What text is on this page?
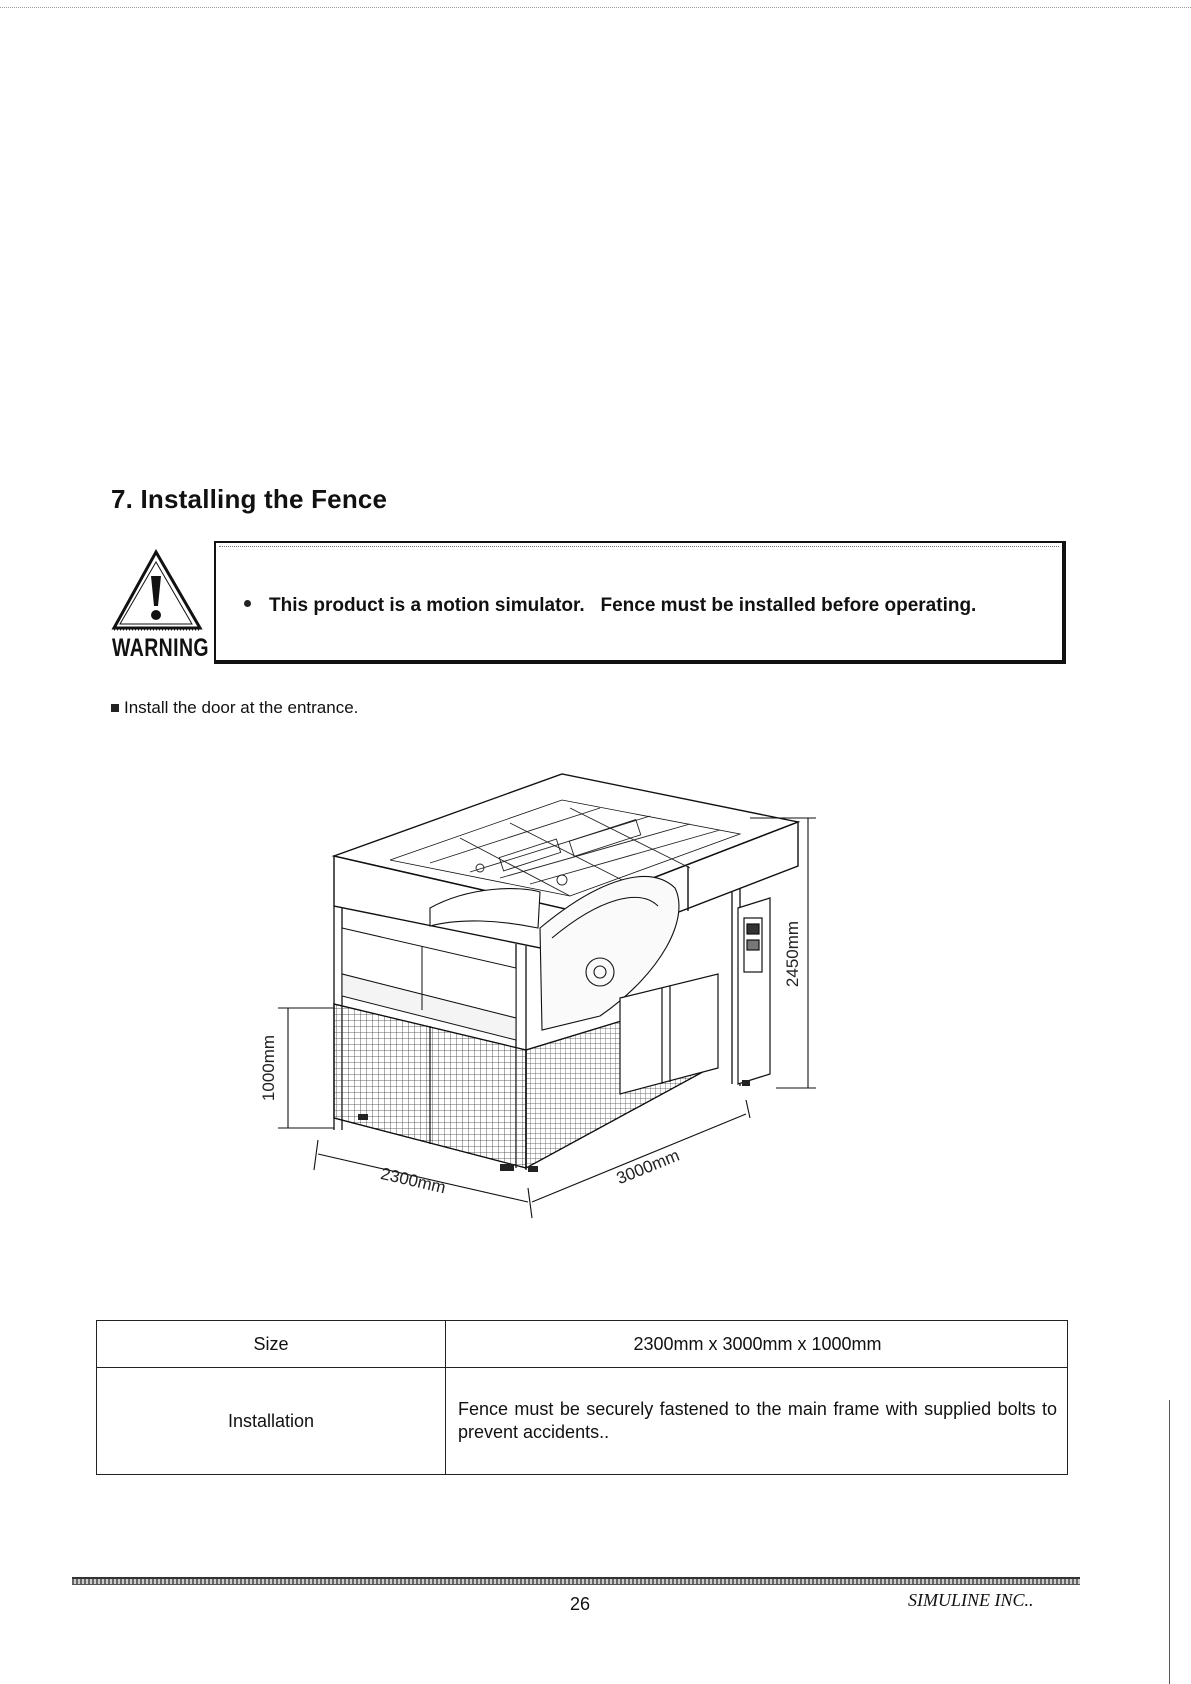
7. Installing the Fence
WARNING
This product is a motion simulator.   Fence must be installed before operating.
Install the door at the entrance.
1000mm
2450mm
2300mm	3000mm
Size	2300mm x 3000mm x 1000mm
Installation	Fence must be securely fastened to the main frame with supplied bolts to prevent accidents..
26	SIMULINE INC..
